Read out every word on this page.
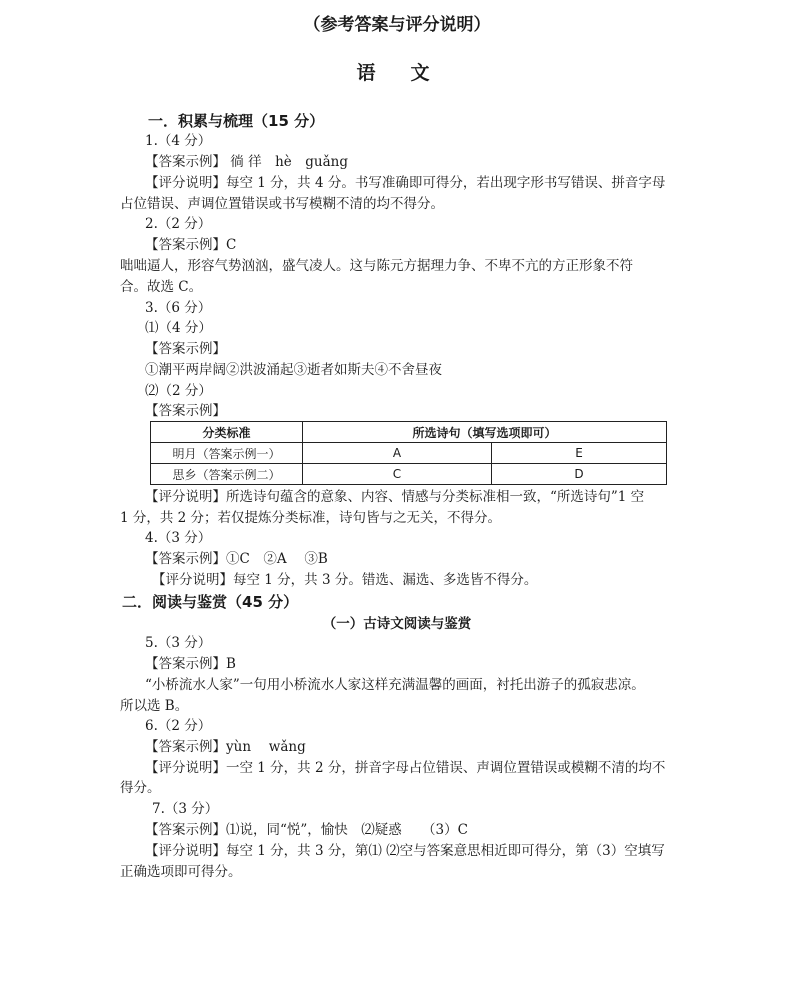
（参考答案与评分说明）
语　文
一．积累与梳理（15 分）
1.（4 分）
【答案示例】 徜 徉　hè　guǎng
【评分说明】每空 1 分，共 4 分。书写准确即可得分，若出现字形书写错误、拼音字母
占位错误、声调位置错误或书写模糊不清的均不得分。
2.（2 分）
【答案示例】C
咄咄逼人，形容气势汹汹，盛气凌人。这与陈元方据理力争、不卑不亢的方正形象不符
合。故选 C。
3.（6 分）
⑴（4 分）
【答案示例】
①潮平两岸阔②洪波涌起③逝者如斯夫④不舍昼夜
⑵（2 分）
【答案示例】
分类标准	所选诗句（填写选项即可）	
明月（答案示例一）	A	E
思乡（答案示例二）	C	D
【评分说明】所选诗句蕴含的意象、内容、情感与分类标准相一致，“所选诗句”1 空
1 分，共 2 分；若仅提炼分类标准，诗句皆与之无关，不得分。
4.（3 分）
【答案示例】①C　②A　 ③B
【评分说明】每空 1 分，共 3 分。错选、漏选、多选皆不得分。
二．阅读与鉴赏（45 分）
（一）古诗文阅读与鉴赏
5.（3 分）
【答案示例】B
“小桥流水人家”一句用小桥流水人家这样充满温馨的画面，衬托出游子的孤寂悲凉。
所以选 B。
6.（2 分）
【答案示例】yùn　 wǎng
【评分说明】一空 1 分，共 2 分，拼音字母占位错误、声调位置错误或模糊不清的均不
得分。
7.（3 分）
【答案示例】⑴说，同“悦”，愉快　⑵疑惑　　（3）C
【评分说明】每空 1 分，共 3 分，第⑴ ⑵空与答案意思相近即可得分，第（3）空填写
正确选项即可得分。
